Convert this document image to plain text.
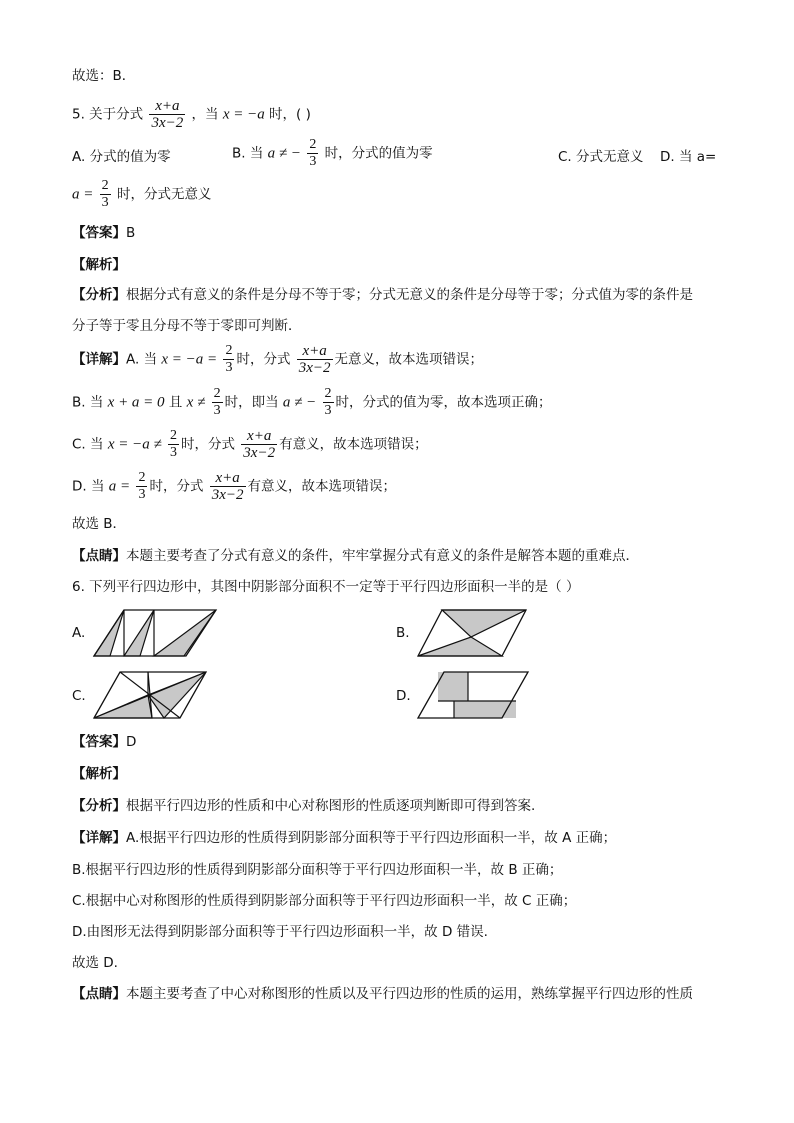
故选：B．
5. 关于分式 $\frac{x+a}{3x-2}$ ，当 x = −a 时，( )
A. 分式的值为零	B. 当 a ≠ − $\frac{2}{3}$ 时，分式的值为零	C. 分式无意义 D. 当 a=
$a = \frac{2}{3}$ 时，分式无意义
【答案】B
【解析】
【分析】根据分式有意义的条件是分母不等于零；分式无意义的条件是分母等于零；分式值为零的条件是
分子等于零且分母不等于零即可判断．
【详解】A. 当 $x = -a = \frac{2}{3}$ 时，分式 $\frac{x+a}{3x-2}$ 无意义，故本选项错误；
B. 当 x + a = 0 且 $x \ne \frac{2}{3}$ 时，即当 a ≠ − $\frac{2}{3}$ 时，分式的值为零，故本选项正确；
C. 当 $x = -a \ne \frac{2}{3}$ 时，分式 $\frac{x+a}{3x-2}$ 有意义，故本选项错误；
D. 当 $a = \frac{2}{3}$ 时，分式 $\frac{x+a}{3x-2}$ 有意义，故本选项错误；
故选 B．
【点睛】本题主要考查了分式有意义的条件，牢牢掌握分式有意义的条件是解答本题的重难点．
6. 下列平行四边形中，其图中阴影部分面积不一定等于平行四边形面积一半的是（ ）
A.	B.
C.	D.
【答案】D
【解析】
【分析】根据平行四边形的性质和中心对称图形的性质逐项判断即可得到答案.
【详解】A.根据平行四边形的性质得到阴影部分面积等于平行四边形面积一半，故 A 正确；
B.根据平行四边形的性质得到阴影部分面积等于平行四边形面积一半，故 B 正确；
C.根据中心对称图形的性质得到阴影部分面积等于平行四边形面积一半，故 C 正确；
D.由图形无法得到阴影部分面积等于平行四边形面积一半，故 D 错误.
故选 D.
【点睛】本题主要考查了中心对称图形的性质以及平行四边形的性质的运用，熟练掌握平行四边形的性质
